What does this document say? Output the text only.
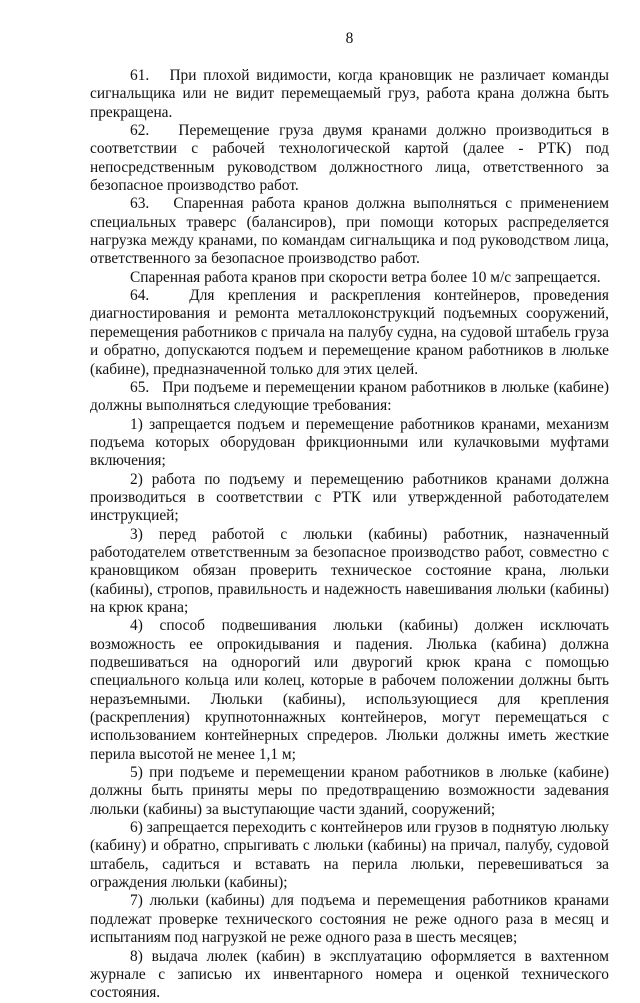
8

61.   При плохой видимости, когда крановщик не различает команды сигнальщика или не видит перемещаемый груз, работа крана должна быть прекращена.

62.   Перемещение груза двумя кранами должно производиться в соответствии с рабочей технологической картой (далее - РТК) под непосредственным руководством должностного лица, ответственного за безопасное производство работ.

63.   Спаренная работа кранов должна выполняться с применением специальных траверс (балансиров), при помощи которых распределяется нагрузка между кранами, по командам сигнальщика и под руководством лица, ответственного за безопасное производство работ.

Спаренная работа кранов при скорости ветра более 10 м/с запрещается.

64.   Для крепления и раскрепления контейнеров, проведения диагностирования и ремонта металлоконструкций подъемных сооружений, перемещения работников с причала на палубу судна, на судовой штабель груза и обратно, допускаются подъем и перемещение краном работников в люльке (кабине), предназначенной только для этих целей.

65.   При подъеме и перемещении краном работников в люльке (кабине) должны выполняться следующие требования:

1) запрещается подъем и перемещение работников кранами, механизм подъема которых оборудован фрикционными или кулачковыми муфтами включения;

2) работа по подъему и перемещению работников кранами должна производиться в соответствии с РТК или утвержденной работодателем инструкцией;

3) перед работой с люльки (кабины) работник, назначенный работодателем ответственным за безопасное производство работ, совместно с крановщиком обязан проверить техническое состояние крана, люльки (кабины), стропов, правильность и надежность навешивания люльки (кабины) на крюк крана;

4) способ подвешивания люльки (кабины) должен исключать возможность ее опрокидывания и падения. Люлька (кабина) должна подвешиваться на однорогий или двурогий крюк крана с помощью специального кольца или колец, которые в рабочем положении должны быть неразъемными. Люльки (кабины), использующиеся для крепления (раскрепления) крупнотоннажных контейнеров, могут перемещаться с использованием контейнерных спредеров. Люльки должны иметь жесткие перила высотой не менее 1,1 м;

5) при подъеме и перемещении краном работников в люльке (кабине) должны быть приняты меры по предотвращению возможности задевания люльки (кабины) за выступающие части зданий, сооружений;

6) запрещается переходить с контейнеров или грузов в поднятую люльку (кабину) и обратно, спрыгивать с люльки (кабины) на причал, палубу, судовой штабель, садиться и вставать на перила люльки, перевешиваться за ограждения люльки (кабины);

7) люльки (кабины) для подъема и перемещения работников кранами подлежат проверке технического состояния не реже одного раза в месяц и испытаниям под нагрузкой не реже одного раза в шесть месяцев;

8) выдача люлек (кабин) в эксплуатацию оформляется в вахтенном журнале с записью их инвентарного номера и оценкой технического состояния.
